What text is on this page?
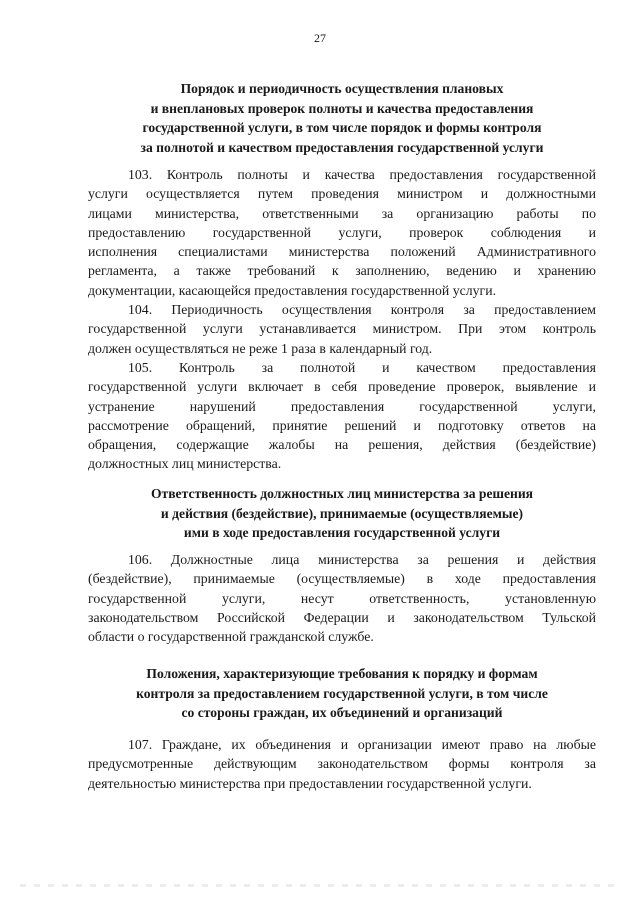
27
Порядок и периодичность осуществления плановых
и внеплановых проверок полноты и качества предоставления
государственной услуги, в том числе порядок и формы контроля
за полнотой и качеством предоставления государственной услуги
103. Контроль полноты и качества предоставления государственной
услуги осуществляется путем проведения министром и должностными
лицами министерства, ответственными за организацию работы по
предоставлению государственной услуги, проверок соблюдения и
исполнения специалистами министерства положений Административного
регламента, а также требований к заполнению, ведению и хранению
документации, касающейся предоставления государственной услуги.
104. Периодичность осуществления контроля за предоставлением
государственной услуги устанавливается министром. При этом контроль
должен осуществляться не реже 1 раза в календарный год.
105. Контроль за полнотой и качеством предоставления
государственной услуги включает в себя проведение проверок, выявление и
устранение нарушений предоставления государственной услуги,
рассмотрение обращений, принятие решений и подготовку ответов на
обращения, содержащие жалобы на решения, действия (бездействие)
должностных лиц министерства.
Ответственность должностных лиц министерства за решения
и действия (бездействие), принимаемые (осуществляемые)
ими в ходе предоставления государственной услуги
106. Должностные лица министерства за решения и действия
(бездействие), принимаемые (осуществляемые) в ходе предоставления
государственной услуги, несут ответственность, установленную
законодательством Российской Федерации и законодательством Тульской
области о государственной гражданской службе.
Положения, характеризующие требования к порядку и формам
контроля за предоставлением государственной услуги, в том числе
со стороны граждан, их объединений и организаций
107. Граждане, их объединения и организации имеют право на любые
предусмотренные действующим законодательством формы контроля за
деятельностью министерства при предоставлении государственной услуги.
